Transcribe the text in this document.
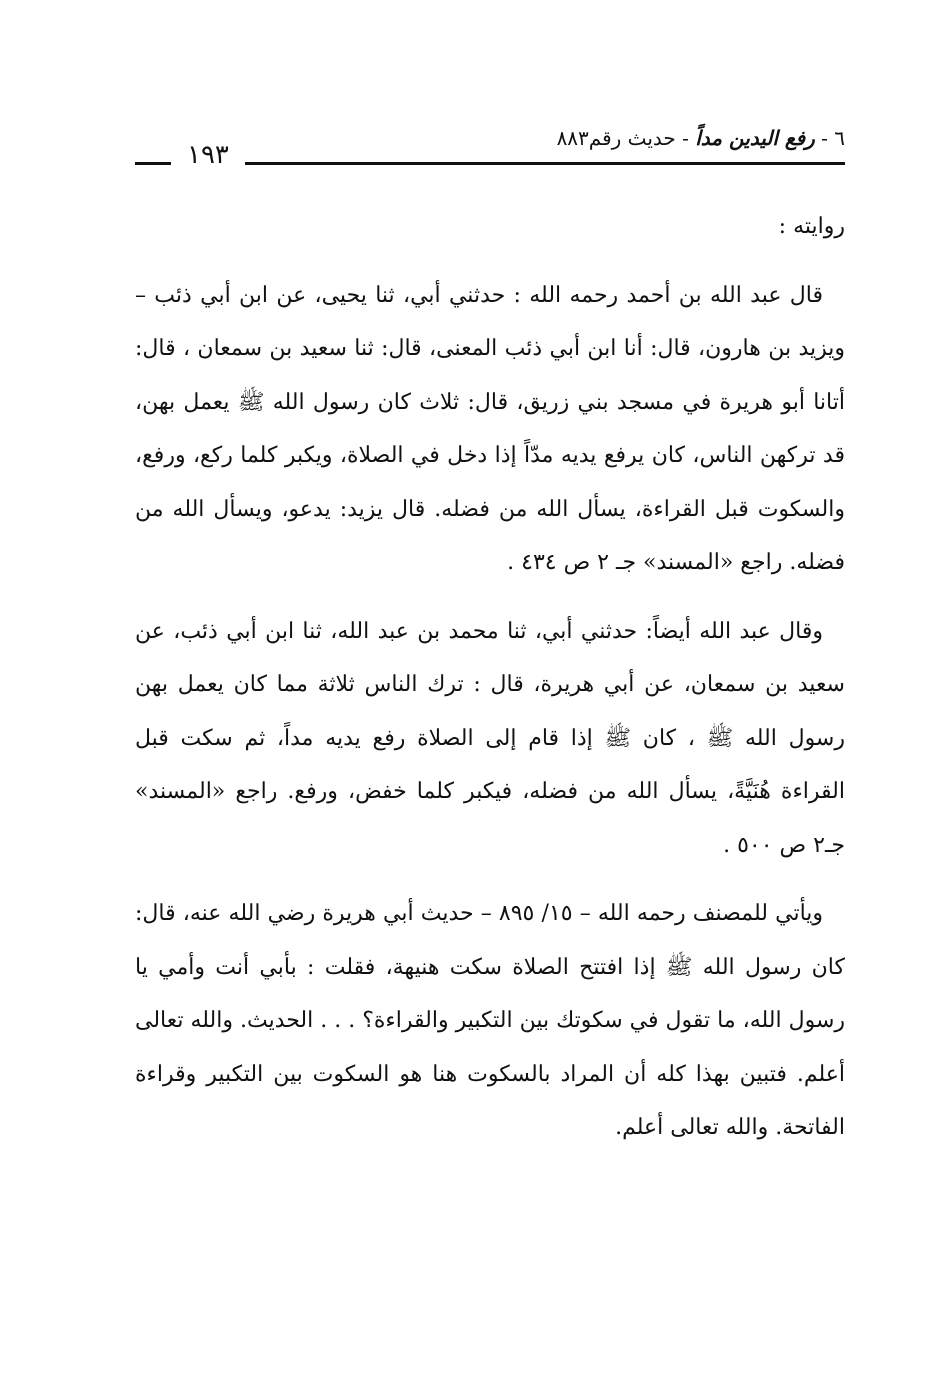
٦ - رفع اليدين مداً - حديث رقم٨٨٣
١٩٣

روايته :

قال عبد الله بن أحمد رحمه الله : حدثني أبي، ثنا يحيى، عن ابن أبي ذئب – ويزيد بن هارون، قال: أنا ابن أبي ذئب المعنى، قال: ثنا سعيد بن سمعان ، قال: أتانا أبو هريرة في مسجد بني زريق، قال: ثلاث كان رسول الله ﷺ يعمل بهن، قد تركهن الناس، كان يرفع يديه مدّاً إذا دخل في الصلاة، ويكبر كلما ركع، ورفع، والسكوت قبل القراءة، يسأل الله من فضله. قال يزيد: يدعو، ويسأل الله من فضله. راجع «المسند» جـ ٢ ص ٤٣٤ .

وقال عبد الله أيضاً: حدثني أبي، ثنا محمد بن عبد الله، ثنا ابن أبي ذئب، عن سعيد بن سمعان، عن أبي هريرة، قال : ترك الناس ثلاثة مما كان يعمل بهن رسول الله ﷺ ، كان ﷺ إذا قام إلى الصلاة رفع يديه مداً، ثم سكت قبل القراءة هُنَيَّةً، يسأل الله من فضله، فيكبر كلما خفض، ورفع. راجع «المسند» جـ٢ ص ٥٠٠ .

ويأتي للمصنف رحمه الله – ١٥/ ٨٩٥ – حديث أبي هريرة رضي الله عنه، قال: كان رسول الله ﷺ إذا افتتح الصلاة سكت هنيهة، فقلت : بأبي أنت وأمي يا رسول الله، ما تقول في سكوتك بين التكبير والقراءة؟ . . . الحديث. والله تعالى أعلم. فتبين بهذا كله أن المراد بالسكوت هنا هو السكوت بين التكبير وقراءة الفاتحة. والله تعالى أعلم.
